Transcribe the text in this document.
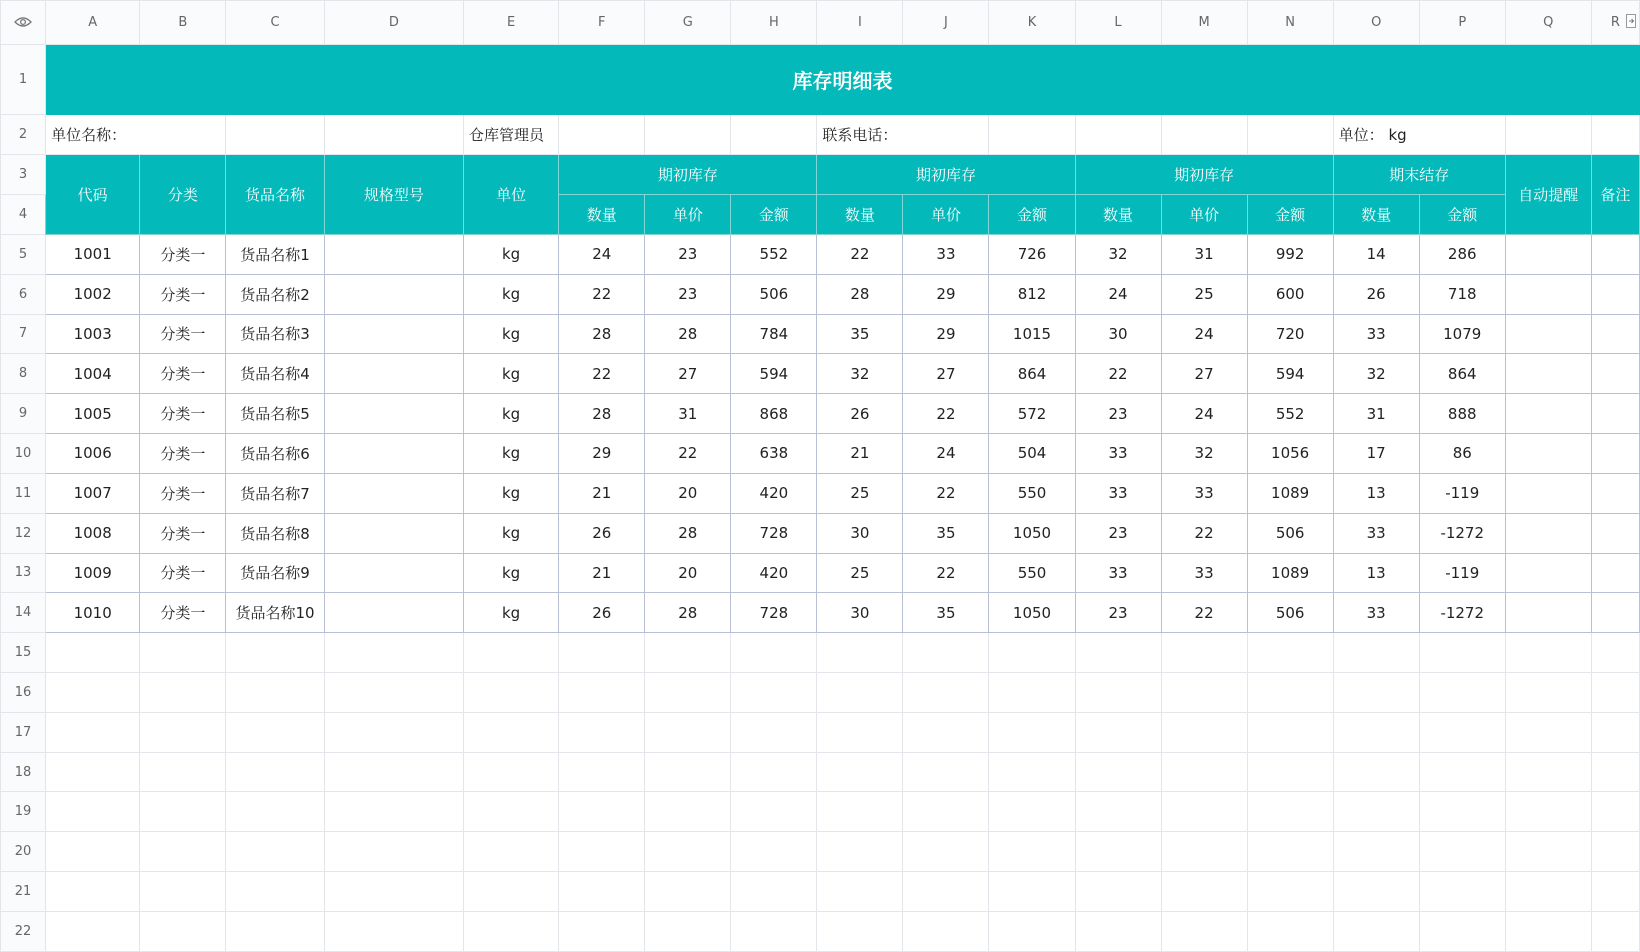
	A	B	C	D	E	F	G	H	I	J	K	L	M	N	O	P	Q	R
1	库存明细表																	
2	单位名称：				仓库管理员				联系电话：						单位： kg			
3	代码	分类	货品名称	规格型号	单位	期初库存			期初库存			期初库存			期末结存		自动提醒	备注
4						数量	单价	金额	数量	单价	金额	数量	单价	金额	数量	金额		
5	1001	分类一	货品名称1		kg	24	23	552	22	33	726	32	31	992	14	286		
6	1002	分类一	货品名称2		kg	22	23	506	28	29	812	24	25	600	26	718		
7	1003	分类一	货品名称3		kg	28	28	784	35	29	1015	30	24	720	33	1079		
8	1004	分类一	货品名称4		kg	22	27	594	32	27	864	22	27	594	32	864		
9	1005	分类一	货品名称5		kg	28	31	868	26	22	572	23	24	552	31	888		
10	1006	分类一	货品名称6		kg	29	22	638	21	24	504	33	32	1056	17	86		
11	1007	分类一	货品名称7		kg	21	20	420	25	22	550	33	33	1089	13	-119		
12	1008	分类一	货品名称8		kg	26	28	728	30	35	1050	23	22	506	33	-1272		
13	1009	分类一	货品名称9		kg	21	20	420	25	22	550	33	33	1089	13	-119		
14	1010	分类一	货品名称10		kg	26	28	728	30	35	1050	23	22	506	33	-1272		
15																		
16																		
17																		
18																		
19																		
20																		
21																		
22																		
